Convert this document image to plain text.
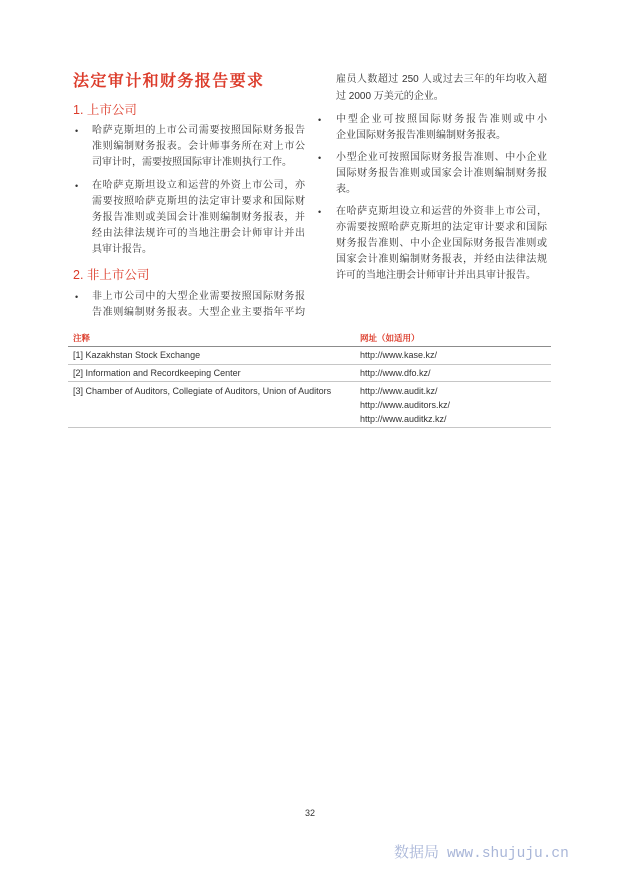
法定审计和财务报告要求
1. 上市公司
•
哈萨克斯坦的上市公司需要按照国际财务报告
准则编制财务报表。会计师事务所在对上市公
司审计时，需要按照国际审计准则执行工作。
•
在哈萨克斯坦设立和运营的外资上市公司，亦
需要按照哈萨克斯坦的法定审计要求和国际财
务报告准则或美国会计准则编制财务报表，并
经由法律法规许可的当地注册会计师审计并出
具审计报告。
2. 非上市公司
•
非上市公司中的大型企业需要按照国际财务报
告准则编制财务报表。大型企业主要指年平均
雇员人数超过 250 人或过去三年的年均收入超
过 2000 万美元的企业。
•
中型企业可按照国际财务报告准则或中小
企业国际财务报告准则编制财务报表。
•
小型企业可按照国际财务报告准则、中小企业
国际财务报告准则或国家会计准则编制财务报
表。
•
在哈萨克斯坦设立和运营的外资非上市公司，
亦需要按照哈萨克斯坦的法定审计要求和国际
财务报告准则、中小企业国际财务报告准则或
国家会计准则编制财务报表，并经由法律法规
许可的当地注册会计师审计并出具审计报告。
注释	网址（如适用）
[1] Kazakhstan Stock Exchange	http://www.kase.kz/
[2] Information and Recordkeeping Center	http://www.dfo.kz/
[3] Chamber of Auditors, Collegiate of Auditors, Union of Auditors	http://www.audit.kz/
http://www.auditors.kz/
http://www.auditkz.kz/
32
数据局 www.shujuju.cn
